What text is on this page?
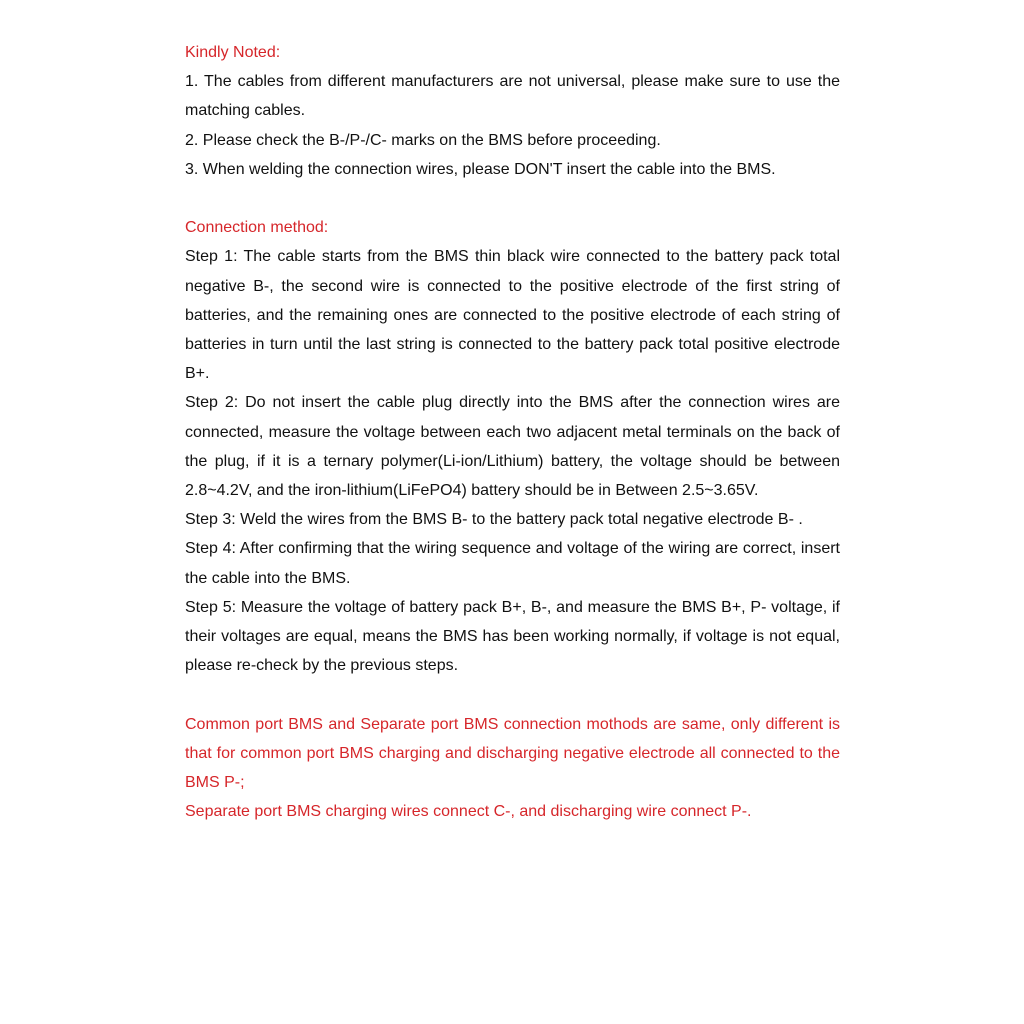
Kindly Noted:

1. The cables from different manufacturers are not universal, please make sure to use the matching cables.

2. Please check the B-/P-/C- marks on the BMS before proceeding.

3. When welding the connection wires, please DON'T insert the cable into the BMS.

Connection method:

Step 1: The cable starts from the BMS thin black wire connected to the battery pack total negative B-, the second wire is connected to the positive electrode of the first string of batteries, and the remaining ones are connected to the positive electrode of each string of batteries in turn until the last string is connected to the battery pack total positive electrode B+.

Step 2: Do not insert the cable plug directly into the BMS after the connection wires are connected, measure the voltage between each two adjacent metal terminals on the back of the plug, if it is a ternary polymer(Li-ion/Lithium) battery, the voltage should be between 2.8~4.2V, and the iron-lithium(LiFePO4) battery should be in Between 2.5~3.65V.

Step 3: Weld the wires from the BMS B- to the battery pack total negative electrode B- .

Step 4: After confirming that the wiring sequence and voltage of the wiring are correct, insert the cable into the BMS.

Step 5: Measure the voltage of battery pack B+, B-, and measure the BMS B+, P- voltage, if their voltages are equal, means the BMS has been working normally, if voltage is not equal, please re-check by the previous steps.

Common port BMS and Separate port BMS connection mothods are same, only different is that for common port BMS charging and discharging negative electrode all connected to the BMS P-;

Separate port BMS charging wires connect C-, and discharging wire connect P-.
